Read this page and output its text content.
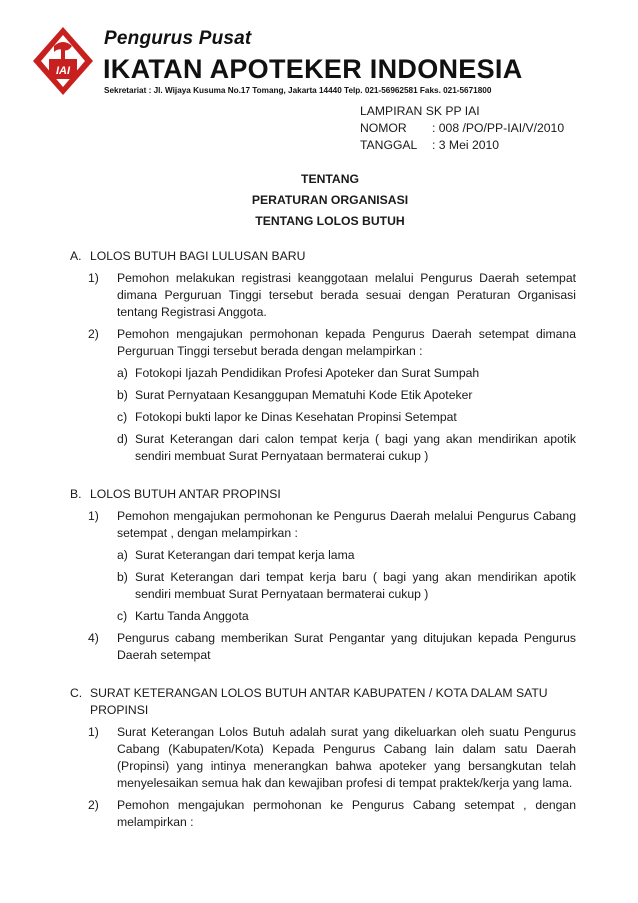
IAI
Pengurus Pusat
IKATAN APOTEKER INDONESIA
Sekretariat : Jl. Wijaya Kusuma No.17 Tomang, Jakarta 14440 Telp. 021-56962581 Faks. 021-5671800
LAMPIRAN SK PP IAI
NOMOR : 008 /PO/PP-IAI/V/2010
TANGGAL : 3 Mei 2010
TENTANG
PERATURAN ORGANISASI
TENTANG LOLOS BUTUH
A. LOLOS BUTUH BAGI LULUSAN BARU
1)	Pemohon melakukan registrasi keanggotaan melalui Pengurus Daerah setempat dimana Perguruan Tinggi tersebut berada sesuai dengan Peraturan Organisasi tentang Registrasi Anggota.
2)	Pemohon mengajukan permohonan kepada Pengurus Daerah setempat dimana Perguruan Tinggi tersebut berada dengan melampirkan :
a) Fotokopi Ijazah Pendidikan Profesi Apoteker dan Surat Sumpah
b) Surat Pernyataan Kesanggupan Mematuhi Kode Etik Apoteker
c) Fotokopi bukti lapor ke Dinas Kesehatan Propinsi Setempat
d) Surat Keterangan dari calon tempat kerja ( bagi yang akan mendirikan apotik sendiri membuat Surat Pernyataan bermaterai cukup )
B. LOLOS BUTUH ANTAR PROPINSI
1)	Pemohon mengajukan permohonan ke Pengurus Daerah melalui Pengurus Cabang setempat , dengan melampirkan :
a) Surat Keterangan dari tempat kerja lama
b) Surat Keterangan dari tempat kerja baru ( bagi yang akan mendirikan apotik sendiri membuat Surat Pernyataan bermaterai cukup )
c) Kartu Tanda Anggota
4)	Pengurus cabang memberikan Surat Pengantar yang ditujukan kepada Pengurus Daerah setempat
C. SURAT KETERANGAN LOLOS BUTUH ANTAR KABUPATEN / KOTA DALAM SATU PROPINSI
1)	Surat Keterangan Lolos Butuh adalah surat yang dikeluarkan oleh suatu Pengurus Cabang (Kabupaten/Kota) Kepada Pengurus Cabang lain dalam satu Daerah (Propinsi) yang intinya menerangkan bahwa apoteker yang bersangkutan telah menyelesaikan semua hak dan kewajiban profesi di tempat praktek/kerja yang lama.
2)	Pemohon mengajukan permohonan ke Pengurus Cabang setempat , dengan melampirkan :
